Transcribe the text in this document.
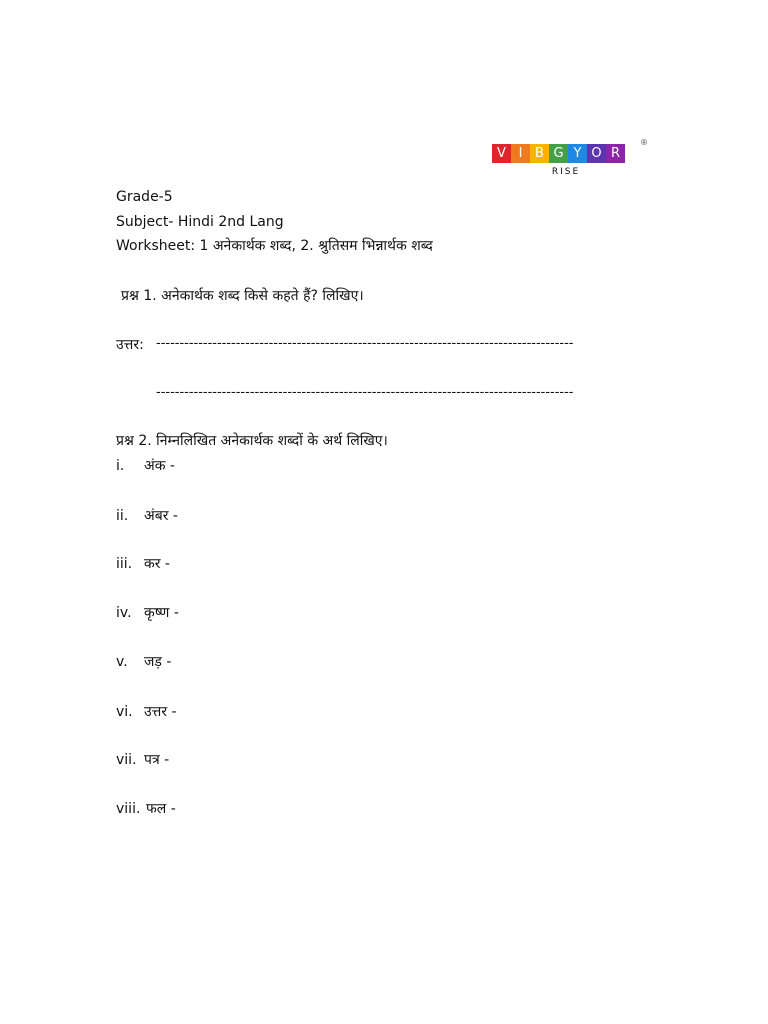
V I B G Y O R
RISE
®
Grade-5
Subject- Hindi 2nd Lang
Worksheet: 1 अनेकार्थक शब्द, 2. श्रुतिसम भिन्नार्थक शब्द
प्रश्न 1. अनेकार्थक शब्द किसे कहते हैं? लिखिए।
उत्तर: -----------------------------------------------------------------------------------------
-----------------------------------------------------------------------------------------
प्रश्न 2. निम्नलिखित अनेकार्थक शब्दों के अर्थ लिखिए।
i. अंक -
ii. अंबर -
iii. कर -
iv. कृष्ण -
v. जड़ -
vi. उत्तर -
vii. पत्र -
viii. फल -
